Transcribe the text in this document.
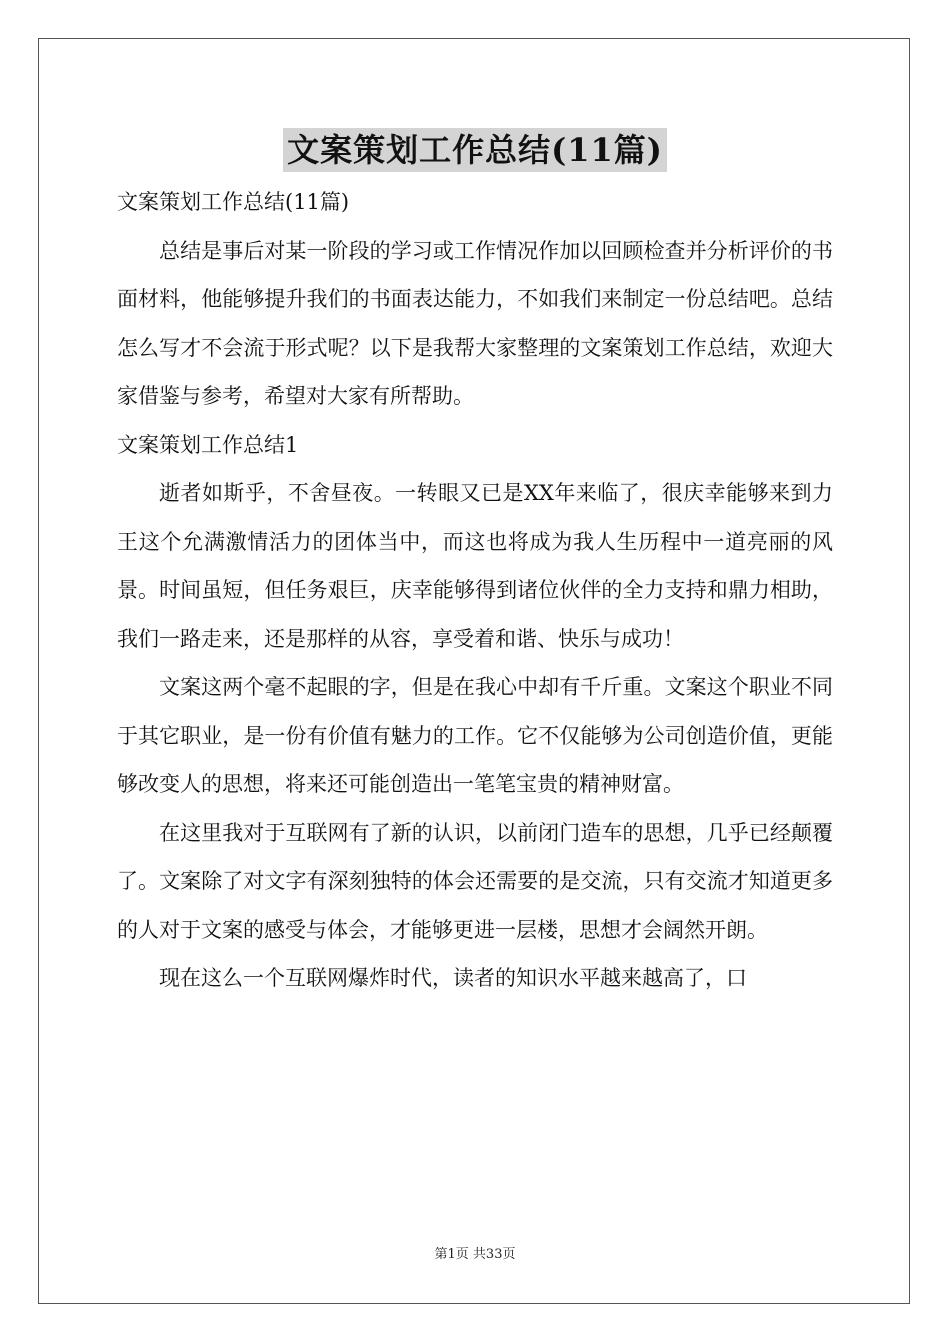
文案策划工作总结(11篇)

文案策划工作总结(11篇)

总结是事后对某一阶段的学习或工作情况作加以回顾检查并分析评价的书面材料，他能够提升我们的书面表达能力，不如我们来制定一份总结吧。总结怎么写才不会流于形式呢？以下是我帮大家整理的文案策划工作总结，欢迎大家借鉴与参考，希望对大家有所帮助。

文案策划工作总结1

逝者如斯乎，不舍昼夜。一转眼又已是XX年来临了，很庆幸能够来到力王这个允满激情活力的团体当中，而这也将成为我人生历程中一道亮丽的风景。时间虽短，但任务艰巨，庆幸能够得到诸位伙伴的全力支持和鼎力相助，我们一路走来，还是那样的从容，享受着和谐、快乐与成功！

文案这两个毫不起眼的字，但是在我心中却有千斤重。文案这个职业不同于其它职业，是一份有价值有魅力的工作。它不仅能够为公司创造价值，更能够改变人的思想，将来还可能创造出一笔笔宝贵的精神财富。

在这里我对于互联网有了新的认识，以前闭门造车的思想，几乎已经颠覆了。文案除了对文字有深刻独特的体会还需要的是交流，只有交流才知道更多的人对于文案的感受与体会，才能够更进一层楼，思想才会阔然开朗。

现在这么一个互联网爆炸时代，读者的知识水平越来越高了，口

第1页 共33页
